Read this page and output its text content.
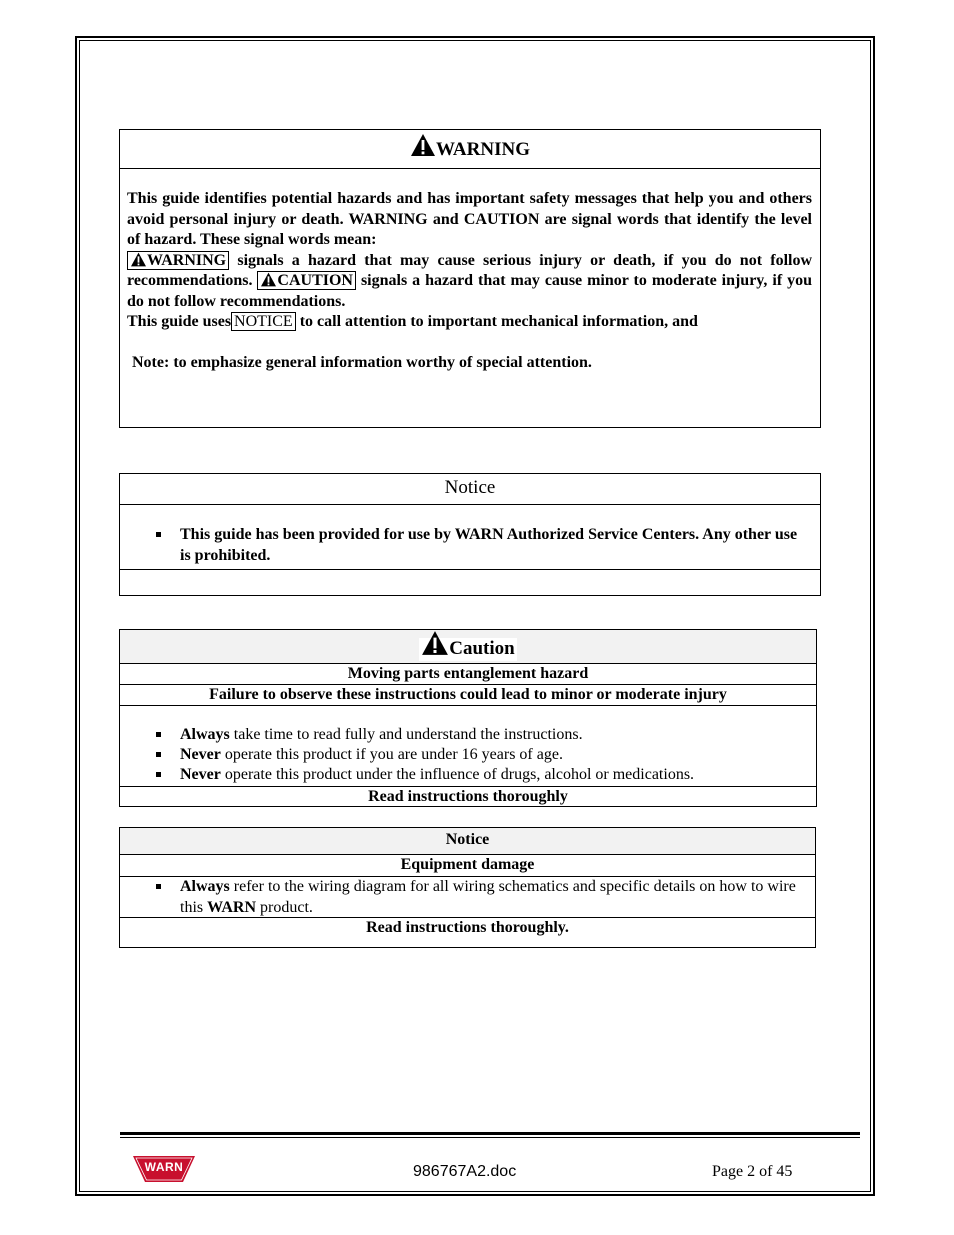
WARNING
This guide identifies potential hazards and has important safety messages that help you and others avoid personal injury or death. WARNING and CAUTION are signal words that identify the level of hazard. These signal words mean:
WARNING signals a hazard that may cause serious injury or death, if you do not follow recommendations. CAUTION signals a hazard that may cause minor to moderate injury, if you do not follow recommendations.
This guide uses NOTICE to call attention to important mechanical information, and
Note: to emphasize general information worthy of special attention.
Notice
This guide has been provided for use by WARN Authorized Service Centers. Any other use is prohibited.
Caution
Moving parts entanglement hazard
Failure to observe these instructions could lead to minor or moderate injury
Always take time to read fully and understand the instructions.
Never operate this product if you are under 16 years of age.
Never operate this product under the influence of drugs, alcohol or medications.
Read instructions thoroughly
Notice
Equipment damage
Always refer to the wiring diagram for all wiring schematics and specific details on how to wire this WARN product.
Read instructions thoroughly.
WARN	986767A2.doc	Page 2 of 45
